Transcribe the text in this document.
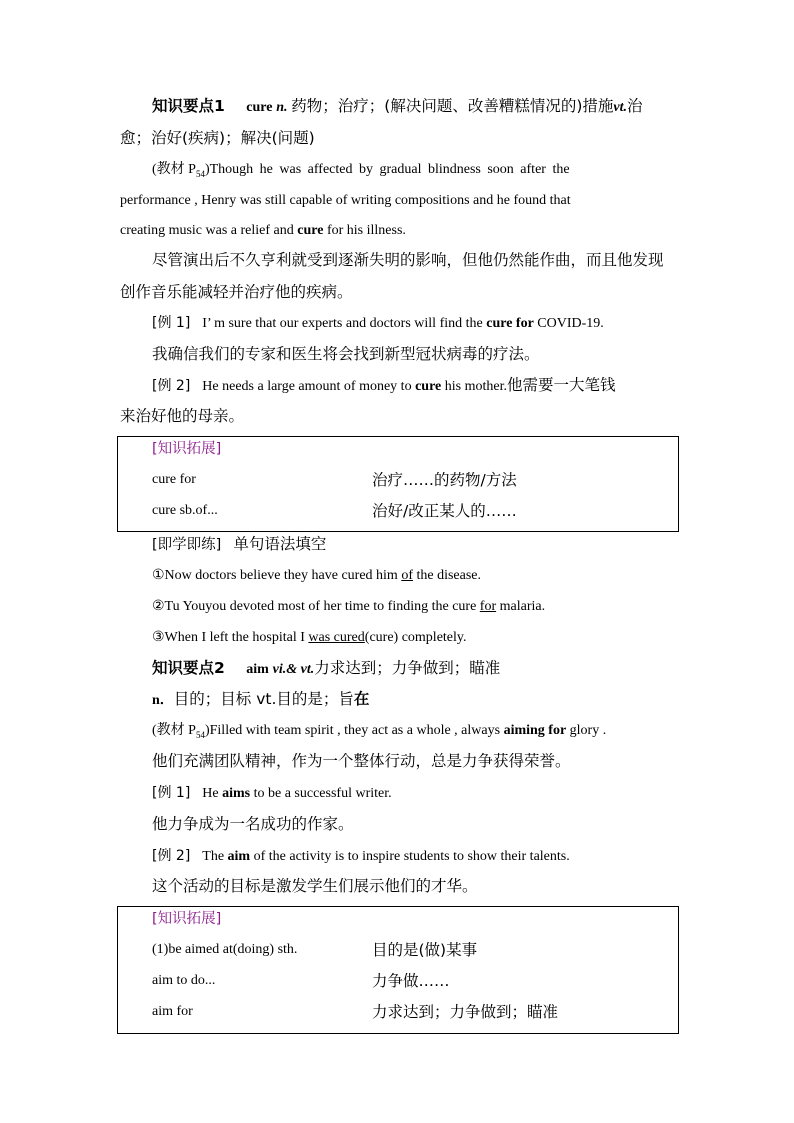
知识要点1 cure n. 药物；治疗；(解决问题、改善糟糕情况的)措施vt.治
愈；治好(疾病)；解决(问题)
(教材 $P_{54})Though$ he was affected by gradual blindness soon after the
performance , Henry was still capable of writing compositions and he found that
creating music was a relief and cure for his illness.
尽管演出后不久亨利就受到逐渐失明的影响，但他仍然能作曲，而且他发现
创作音乐能减轻并治疗他的疾病。
[例 1] I’ m sure that our experts and doctors will find the cure for COVID-19.
我确信我们的专家和医生将会找到新型冠状病毒的疗法。
[例 2] He needs a large amount of money to cure his mother.他需要一大笔钱
来治好他的母亲。
[知识拓展]
cure for	治疗……的药物/方法
cure sb.of...	治好/改正某人的……
[即学即练] 单句语法填空
①Now doctors believe they have cured him of the disease.
②Tu Youyou devoted most of her time to finding the cure for malaria.
③When I left the hospital I was cured(cure) completely.
知识要点2 aim vi.& vt.力求达到；力争做到；瞄准
n．目的；目标 vt.目的是；旨在
(教材 $P_{54})Filled$ with team spirit , they act as a whole , always aiming for glory .
他们充满团队精神，作为一个整体行动，总是力争获得荣誉。
[例 1] He aims to be a successful writer.
他力争成为一名成功的作家。
[例 2] The aim of the activity is to inspire students to show their talents.
这个活动的目标是激发学生们展示他们的才华。
[知识拓展]
(1)be aimed at(doing) sth.	目的是(做)某事
aim to do...	力争做……
aim for	力求达到；力争做到；瞄准
